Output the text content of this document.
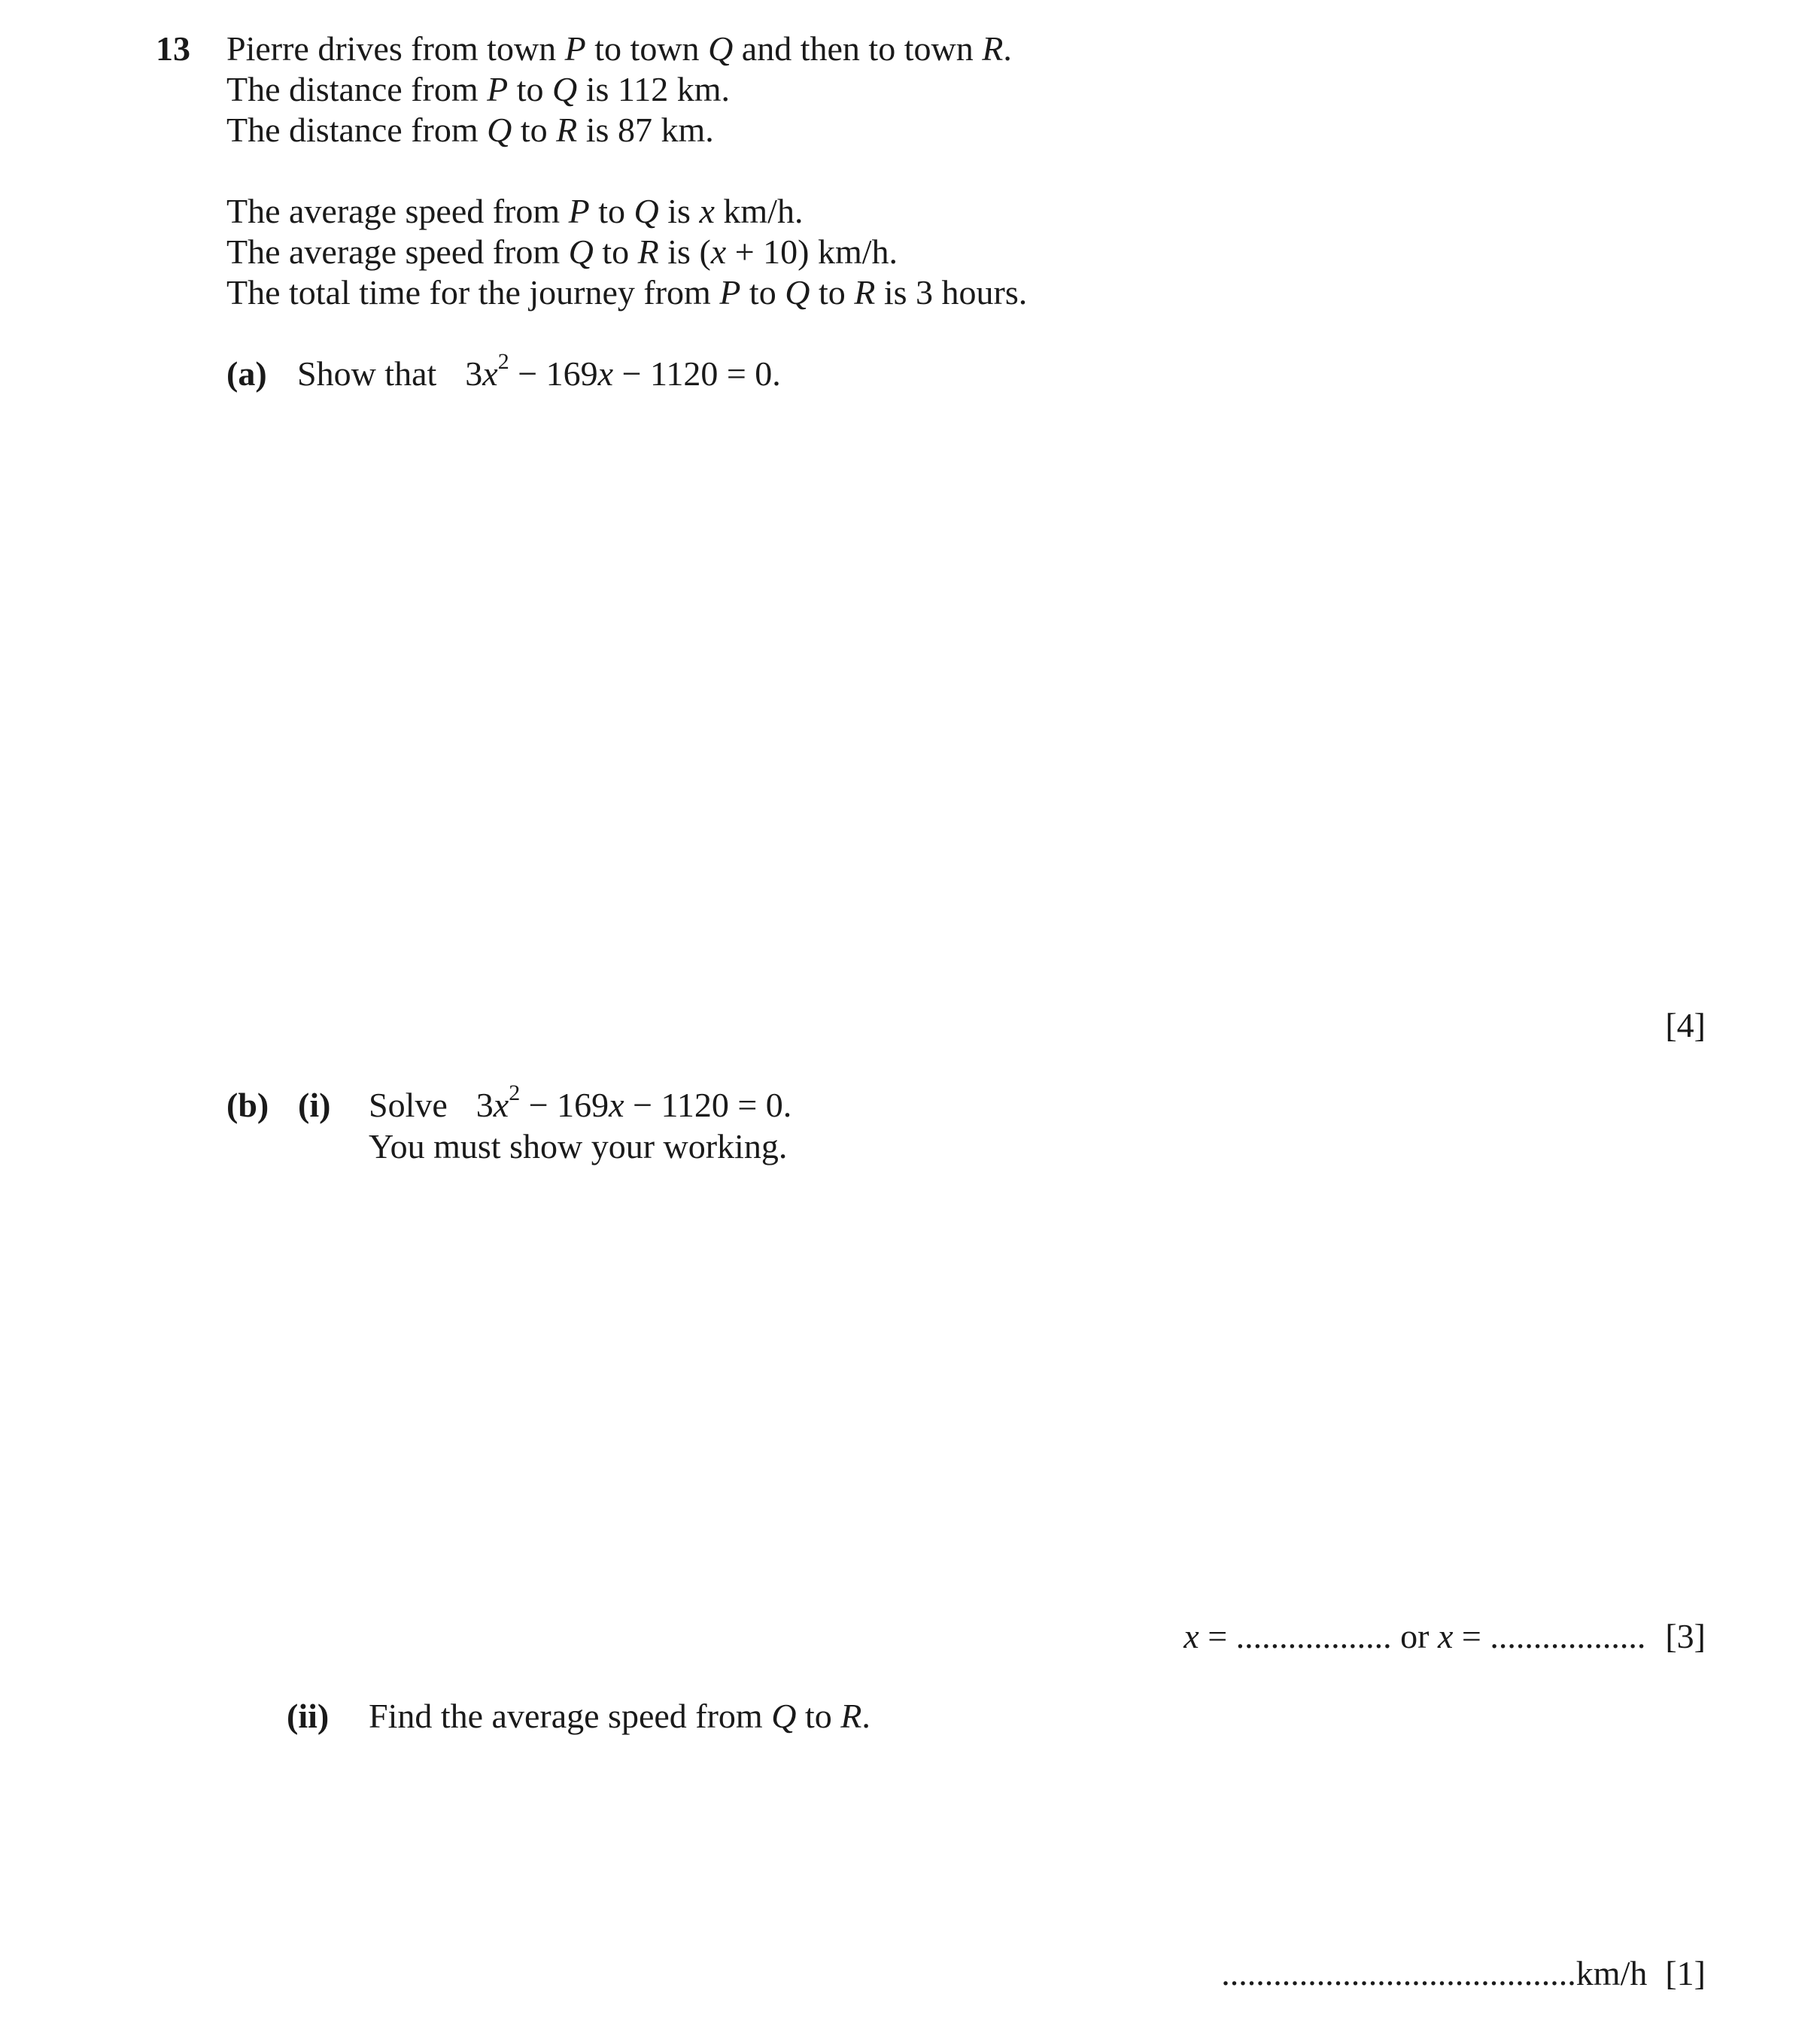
13 Pierre drives from town P to town Q and then to town R.
The distance from P to Q is 112 km.
The distance from Q to R is 87 km.
The average speed from P to Q is x km/h.
The average speed from Q to R is (x + 10) km/h.
The total time for the journey from P to Q to R is 3 hours.
(a) Show that $3x^2 - 169x - 1120 = 0$.
[4]
(b) (i) Solve $3x^2 - 169x - 1120 = 0$.
You must show your working.
x = .................. or x = .................. [3]
(ii) Find the average speed from Q to R.
.........................................km/h [1]
